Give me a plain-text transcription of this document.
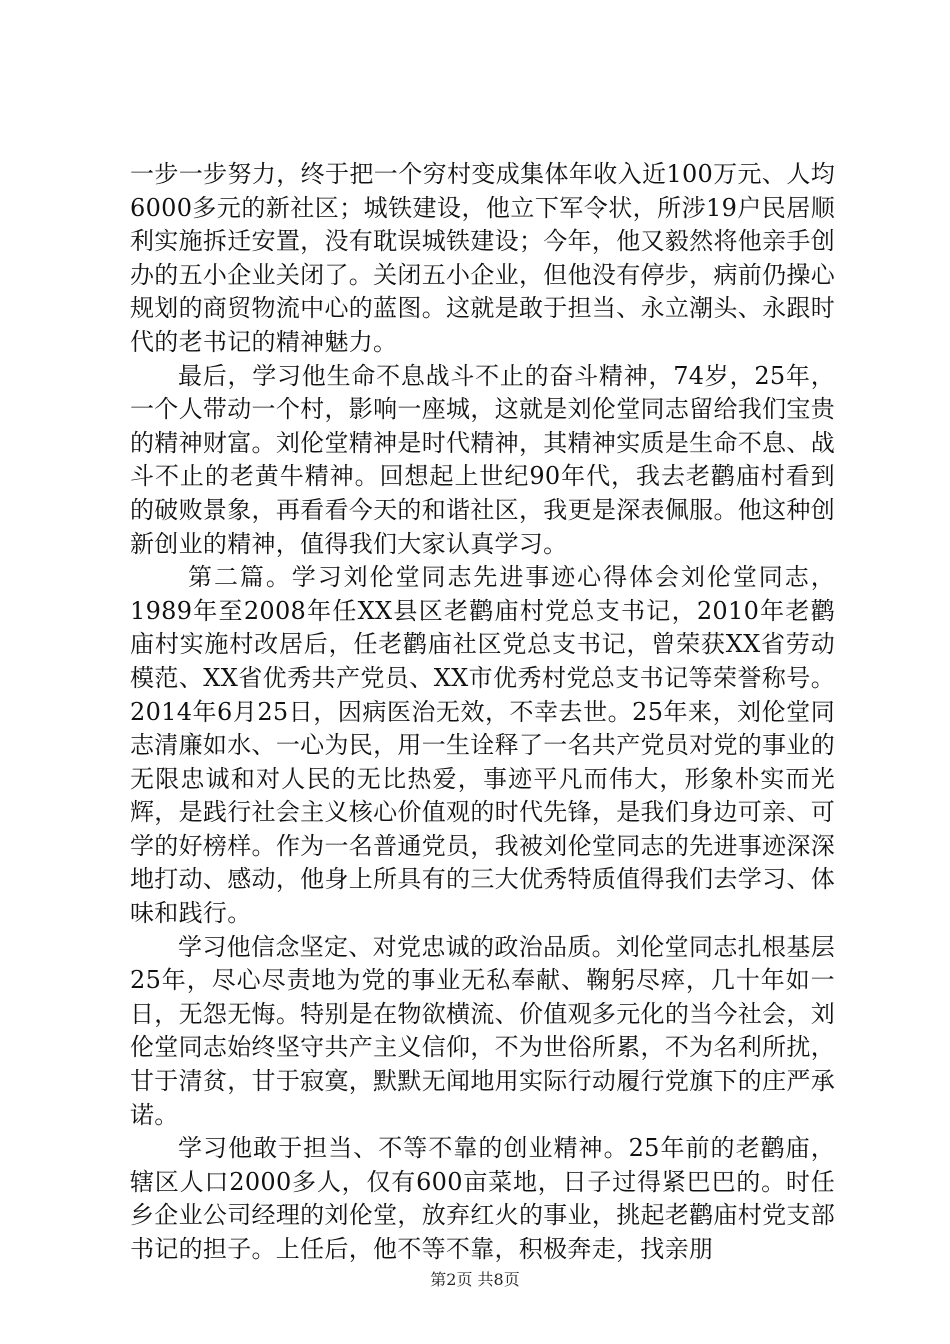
一步一步努力，终于把一个穷村变成集体年收入近100万元、人均6000多元的新社区；城铁建设，他立下军令状，所涉19户民居顺利实施拆迁安置，没有耽误城铁建设；今年，他又毅然将他亲手创办的五小企业关闭了。关闭五小企业，但他没有停步，病前仍操心规划的商贸物流中心的蓝图。这就是敢于担当、永立潮头、永跟时代的老书记的精神魅力。

最后，学习他生命不息战斗不止的奋斗精神，74岁，25年，一个人带动一个村，影响一座城，这就是刘伦堂同志留给我们宝贵的精神财富。刘伦堂精神是时代精神，其精神实质是生命不息、战斗不止的老黄牛精神。回想起上世纪90年代，我去老鹳庙村看到的破败景象，再看看今天的和谐社区，我更是深表佩服。他这种创新创业的精神，值得我们大家认真学习。

第二篇。学习刘伦堂同志先进事迹心得体会刘伦堂同志，1989年至2008年任XX县区老鹳庙村党总支书记，2010年老鹳庙村实施村改居后，任老鹳庙社区党总支书记，曾荣获XX省劳动模范、XX省优秀共产党员、XX市优秀村党总支书记等荣誉称号。2014年6月25日，因病医治无效，不幸去世。25年来，刘伦堂同志清廉如水、一心为民，用一生诠释了一名共产党员对党的事业的无限忠诚和对人民的无比热爱，事迹平凡而伟大，形象朴实而光辉，是践行社会主义核心价值观的时代先锋，是我们身边可亲、可学的好榜样。作为一名普通党员，我被刘伦堂同志的先进事迹深深地打动、感动，他身上所具有的三大优秀特质值得我们去学习、体味和践行。

学习他信念坚定、对党忠诚的政治品质。刘伦堂同志扎根基层25年，尽心尽责地为党的事业无私奉献、鞠躬尽瘁，几十年如一日，无怨无悔。特别是在物欲横流、价值观多元化的当今社会，刘伦堂同志始终坚守共产主义信仰，不为世俗所累，不为名利所扰，甘于清贫，甘于寂寞，默默无闻地用实际行动履行党旗下的庄严承诺。

学习他敢于担当、不等不靠的创业精神。25年前的老鹳庙，辖区人口2000多人，仅有600亩菜地，日子过得紧巴巴的。时任乡企业公司经理的刘伦堂，放弃红火的事业，挑起老鹳庙村党支部书记的担子。上任后，他不等不靠，积极奔走，找亲朋

第2页 共8页
